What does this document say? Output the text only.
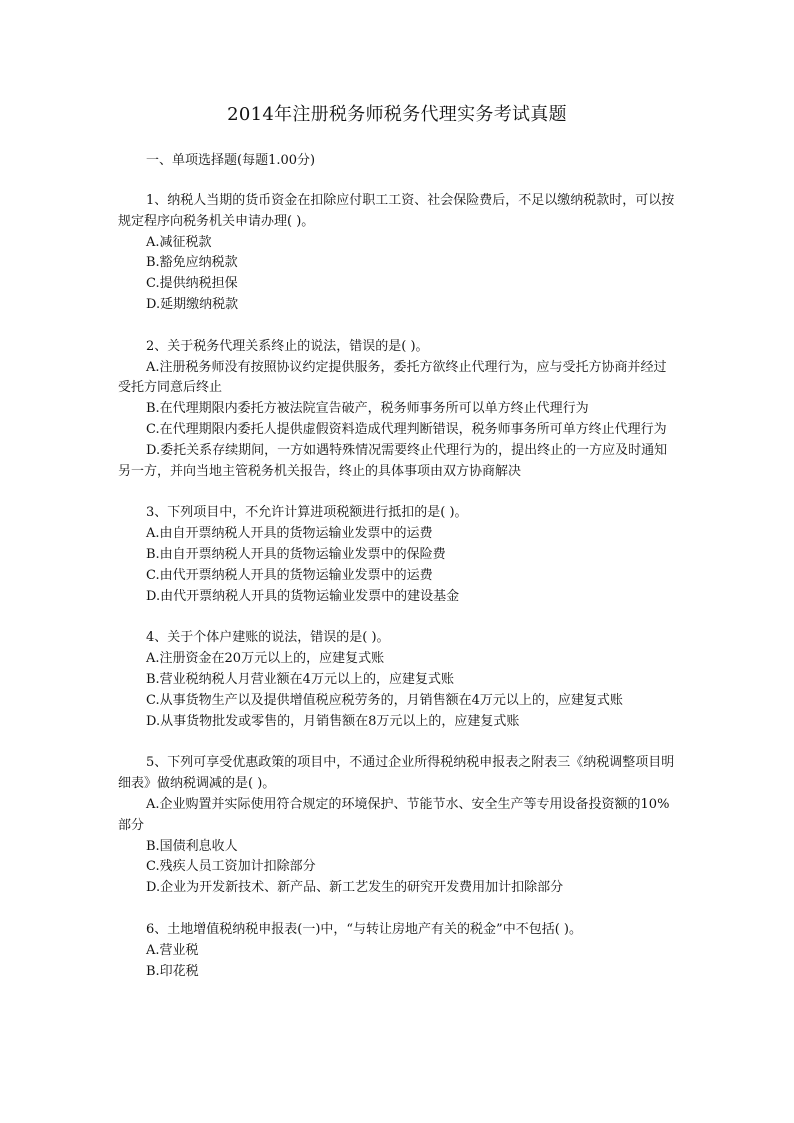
2014年注册税务师税务代理实务考试真题

一、单项选择题(每题1.00分)

1、纳税人当期的货币资金在扣除应付职工工资、社会保险费后，不足以缴纳税款时，可以按规定程序向税务机关申请办理( )。

A.减征税款

B.豁免应纳税款

C.提供纳税担保

D.延期缴纳税款

2、关于税务代理关系终止的说法，错误的是( )。

A.注册税务师没有按照协议约定提供服务，委托方欲终止代理行为，应与受托方协商并经过受托方同意后终止

B.在代理期限内委托方被法院宣告破产，税务师事务所可以单方终止代理行为

C.在代理期限内委托人提供虚假资料造成代理判断错误，税务师事务所可单方终止代理行为

D.委托关系存续期间，一方如遇特殊情况需要终止代理行为的，提出终止的一方应及时通知另一方，并向当地主管税务机关报告，终止的具体事项由双方协商解决

3、下列项目中，不允许计算进项税额进行抵扣的是( )。

A.由自开票纳税人开具的货物运输业发票中的运费

B.由自开票纳税人开具的货物运输业发票中的保险费

C.由代开票纳税人开具的货物运输业发票中的运费

D.由代开票纳税人开具的货物运输业发票中的建设基金

4、关于个体户建账的说法，错误的是( )。

A.注册资金在20万元以上的，应建复式账

B.营业税纳税人月营业额在4万元以上的，应建复式账

C.从事货物生产以及提供增值税应税劳务的，月销售额在4万元以上的，应建复式账

D.从事货物批发或零售的，月销售额在8万元以上的，应建复式账

5、下列可享受优惠政策的项目中，不通过企业所得税纳税申报表之附表三《纳税调整项目明细表》做纳税调减的是( )。

A.企业购置并实际使用符合规定的环境保护、节能节水、安全生产等专用设备投资额的10%部分

B.国债利息收人

C.残疾人员工资加计扣除部分

D.企业为开发新技术、新产品、新工艺发生的研究开发费用加计扣除部分

6、土地增值税纳税申报表(一)中，“与转让房地产有关的税金”中不包括( )。

A.营业税

B.印花税
